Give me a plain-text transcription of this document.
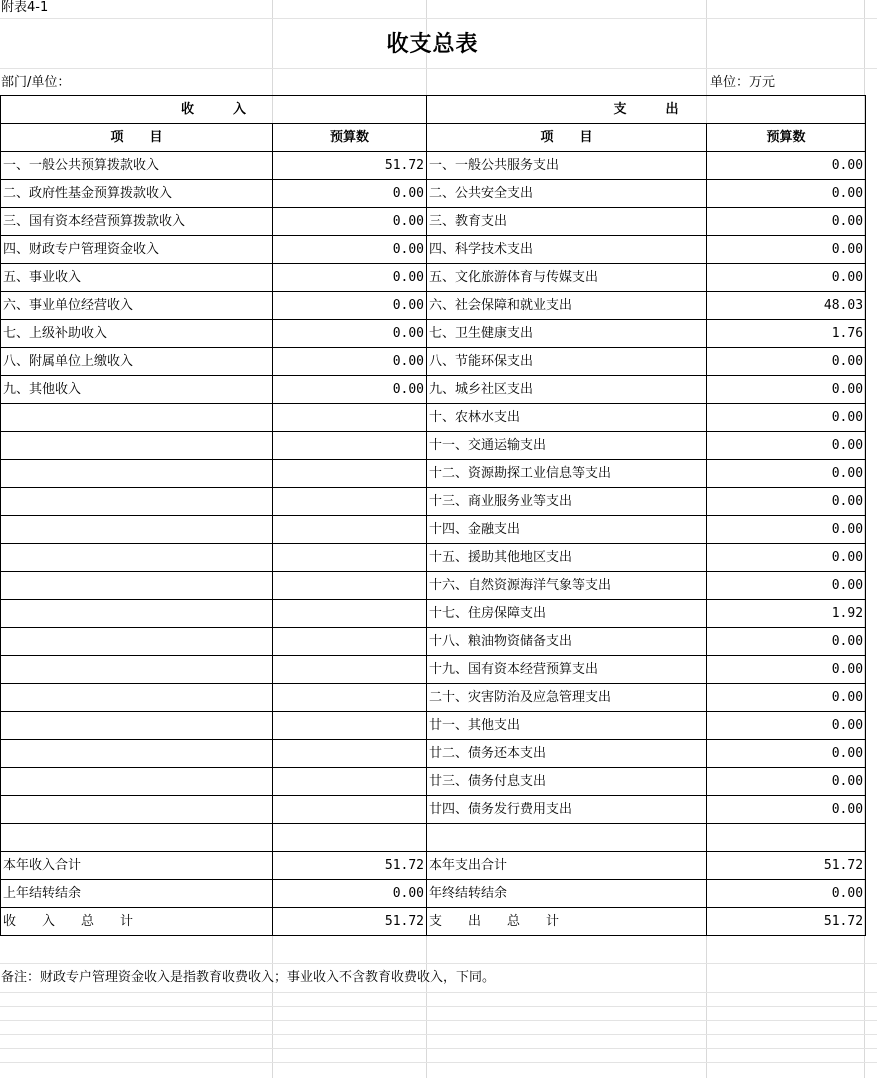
附表4-1
收支总表
部门/单位：	单位：万元
收　　　入		支　　　出	
项　　目	预算数	项　　目	预算数
一、一般公共预算拨款收入	51.72	一、一般公共服务支出	0.00
二、政府性基金预算拨款收入	0.00	二、公共安全支出	0.00
三、国有资本经营预算拨款收入	0.00	三、教育支出	0.00
四、财政专户管理资金收入	0.00	四、科学技术支出	0.00
五、事业收入	0.00	五、文化旅游体育与传媒支出	0.00
六、事业单位经营收入	0.00	六、社会保障和就业支出	48.03
七、上级补助收入	0.00	七、卫生健康支出	1.76
八、附属单位上缴收入	0.00	八、节能环保支出	0.00
九、其他收入	0.00	九、城乡社区支出	0.00
		十、农林水支出	0.00
		十一、交通运输支出	0.00
		十二、资源勘探工业信息等支出	0.00
		十三、商业服务业等支出	0.00
		十四、金融支出	0.00
		十五、援助其他地区支出	0.00
		十六、自然资源海洋气象等支出	0.00
		十七、住房保障支出	1.92
		十八、粮油物资储备支出	0.00
		十九、国有资本经营预算支出	0.00
		二十、灾害防治及应急管理支出	0.00
		廿一、其他支出	0.00
		廿二、债务还本支出	0.00
		廿三、债务付息支出	0.00
		廿四、债务发行费用支出	0.00

本年收入合计	51.72	本年支出合计	51.72
上年结转结余	0.00	年终结转结余	0.00
收　　入　　总　　计	51.72	支　　出　　总　　计	51.72
备注：财政专户管理资金收入是指教育收费收入；事业收入不含教育收费收入，下同。
